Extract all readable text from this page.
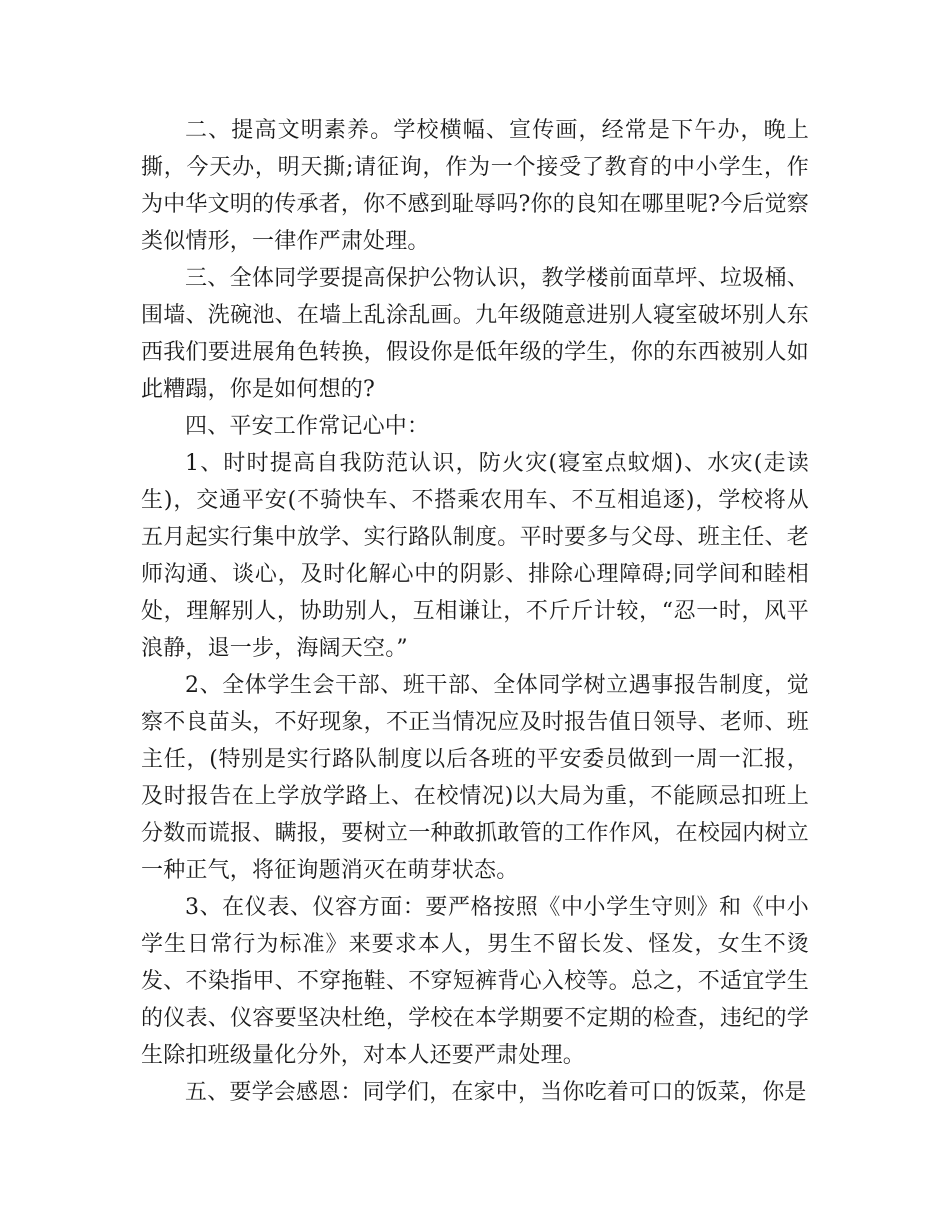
二、提高文明素养。学校横幅、宣传画，经常是下午办，晚上撕，今天办，明天撕;请征询，作为一个接受了教育的中小学生，作为中华文明的传承者，你不感到耻辱吗?你的良知在哪里呢?今后觉察类似情形，一律作严肃处理。

三、全体同学要提高保护公物认识，教学楼前面草坪、垃圾桶、围墙、洗碗池、在墙上乱涂乱画。九年级随意进别人寝室破坏别人东西我们要进展角色转换，假设你是低年级的学生，你的东西被别人如此糟蹋，你是如何想的?

四、平安工作常记心中：

1、时时提高自我防范认识，防火灾(寝室点蚊烟)、水灾(走读生)，交通平安(不骑快车、不搭乘农用车、不互相追逐)，学校将从五月起实行集中放学、实行路队制度。平时要多与父母、班主任、老师沟通、谈心，及时化解心中的阴影、排除心理障碍;同学间和睦相处，理解别人，协助别人，互相谦让，不斤斤计较，“忍一时，风平浪静，退一步，海阔天空。”

2、全体学生会干部、班干部、全体同学树立遇事报告制度，觉察不良苗头，不好现象，不正当情况应及时报告值日领导、老师、班主任，(特别是实行路队制度以后各班的平安委员做到一周一汇报，及时报告在上学放学路上、在校情况)以大局为重，不能顾忌扣班上分数而谎报、瞒报，要树立一种敢抓敢管的工作作风，在校园内树立一种正气，将征询题消灭在萌芽状态。

3、在仪表、仪容方面：要严格按照《中小学生守则》和《中小学生日常行为标准》来要求本人，男生不留长发、怪发，女生不烫发、不染指甲、不穿拖鞋、不穿短裤背心入校等。总之，不适宜学生的仪表、仪容要坚决杜绝，学校在本学期要不定期的检查，违纪的学生除扣班级量化分外，对本人还要严肃处理。

五、要学会感恩：同学们，在家中，当你吃着可口的饭菜，你是
